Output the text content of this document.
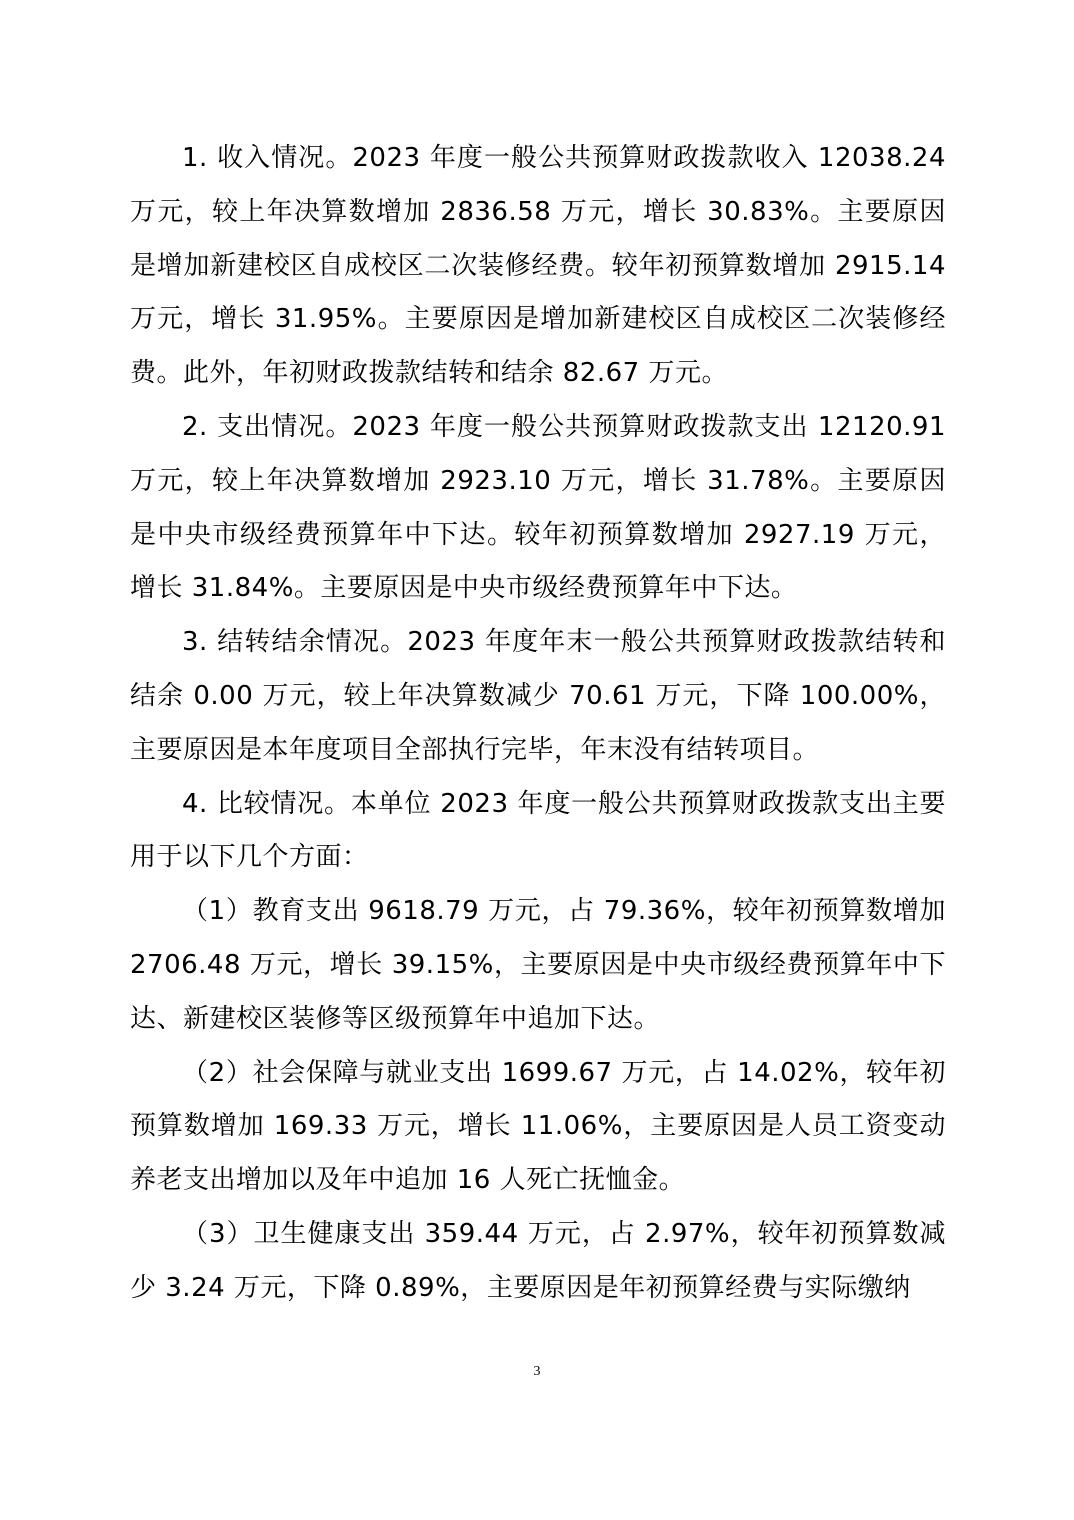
1. 收入情况。2023 年度一般公共预算财政拨款收入 12038.24 万元，较上年决算数增加 2836.58 万元，增长 30.83%。主要原因是增加新建校区自成校区二次装修经费。较年初预算数增加 2915.14 万元，增长 31.95%。主要原因是增加新建校区自成校区二次装修经费。此外，年初财政拨款结转和结余 82.67 万元。

2. 支出情况。2023 年度一般公共预算财政拨款支出 12120.91 万元，较上年决算数增加 2923.10 万元，增长 31.78%。主要原因是中央市级经费预算年中下达。较年初预算数增加 2927.19 万元，增长 31.84%。主要原因是中央市级经费预算年中下达。

3. 结转结余情况。2023 年度年末一般公共预算财政拨款结转和结余 0.00 万元，较上年决算数减少 70.61 万元，下降 100.00%，主要原因是本年度项目全部执行完毕，年末没有结转项目。

4. 比较情况。本单位 2023 年度一般公共预算财政拨款支出主要用于以下几个方面：

（1）教育支出 9618.79 万元，占 79.36%，较年初预算数增加 2706.48 万元，增长 39.15%，主要原因是中央市级经费预算年中下达、新建校区装修等区级预算年中追加下达。

（2）社会保障与就业支出 1699.67 万元，占 14.02%，较年初预算数增加 169.33 万元，增长 11.06%，主要原因是人员工资变动养老支出增加以及年中追加 16 人死亡抚恤金。

（3）卫生健康支出 359.44 万元，占 2.97%，较年初预算数减少 3.24 万元，下降 0.89%，主要原因是年初预算经费与实际缴纳

3
